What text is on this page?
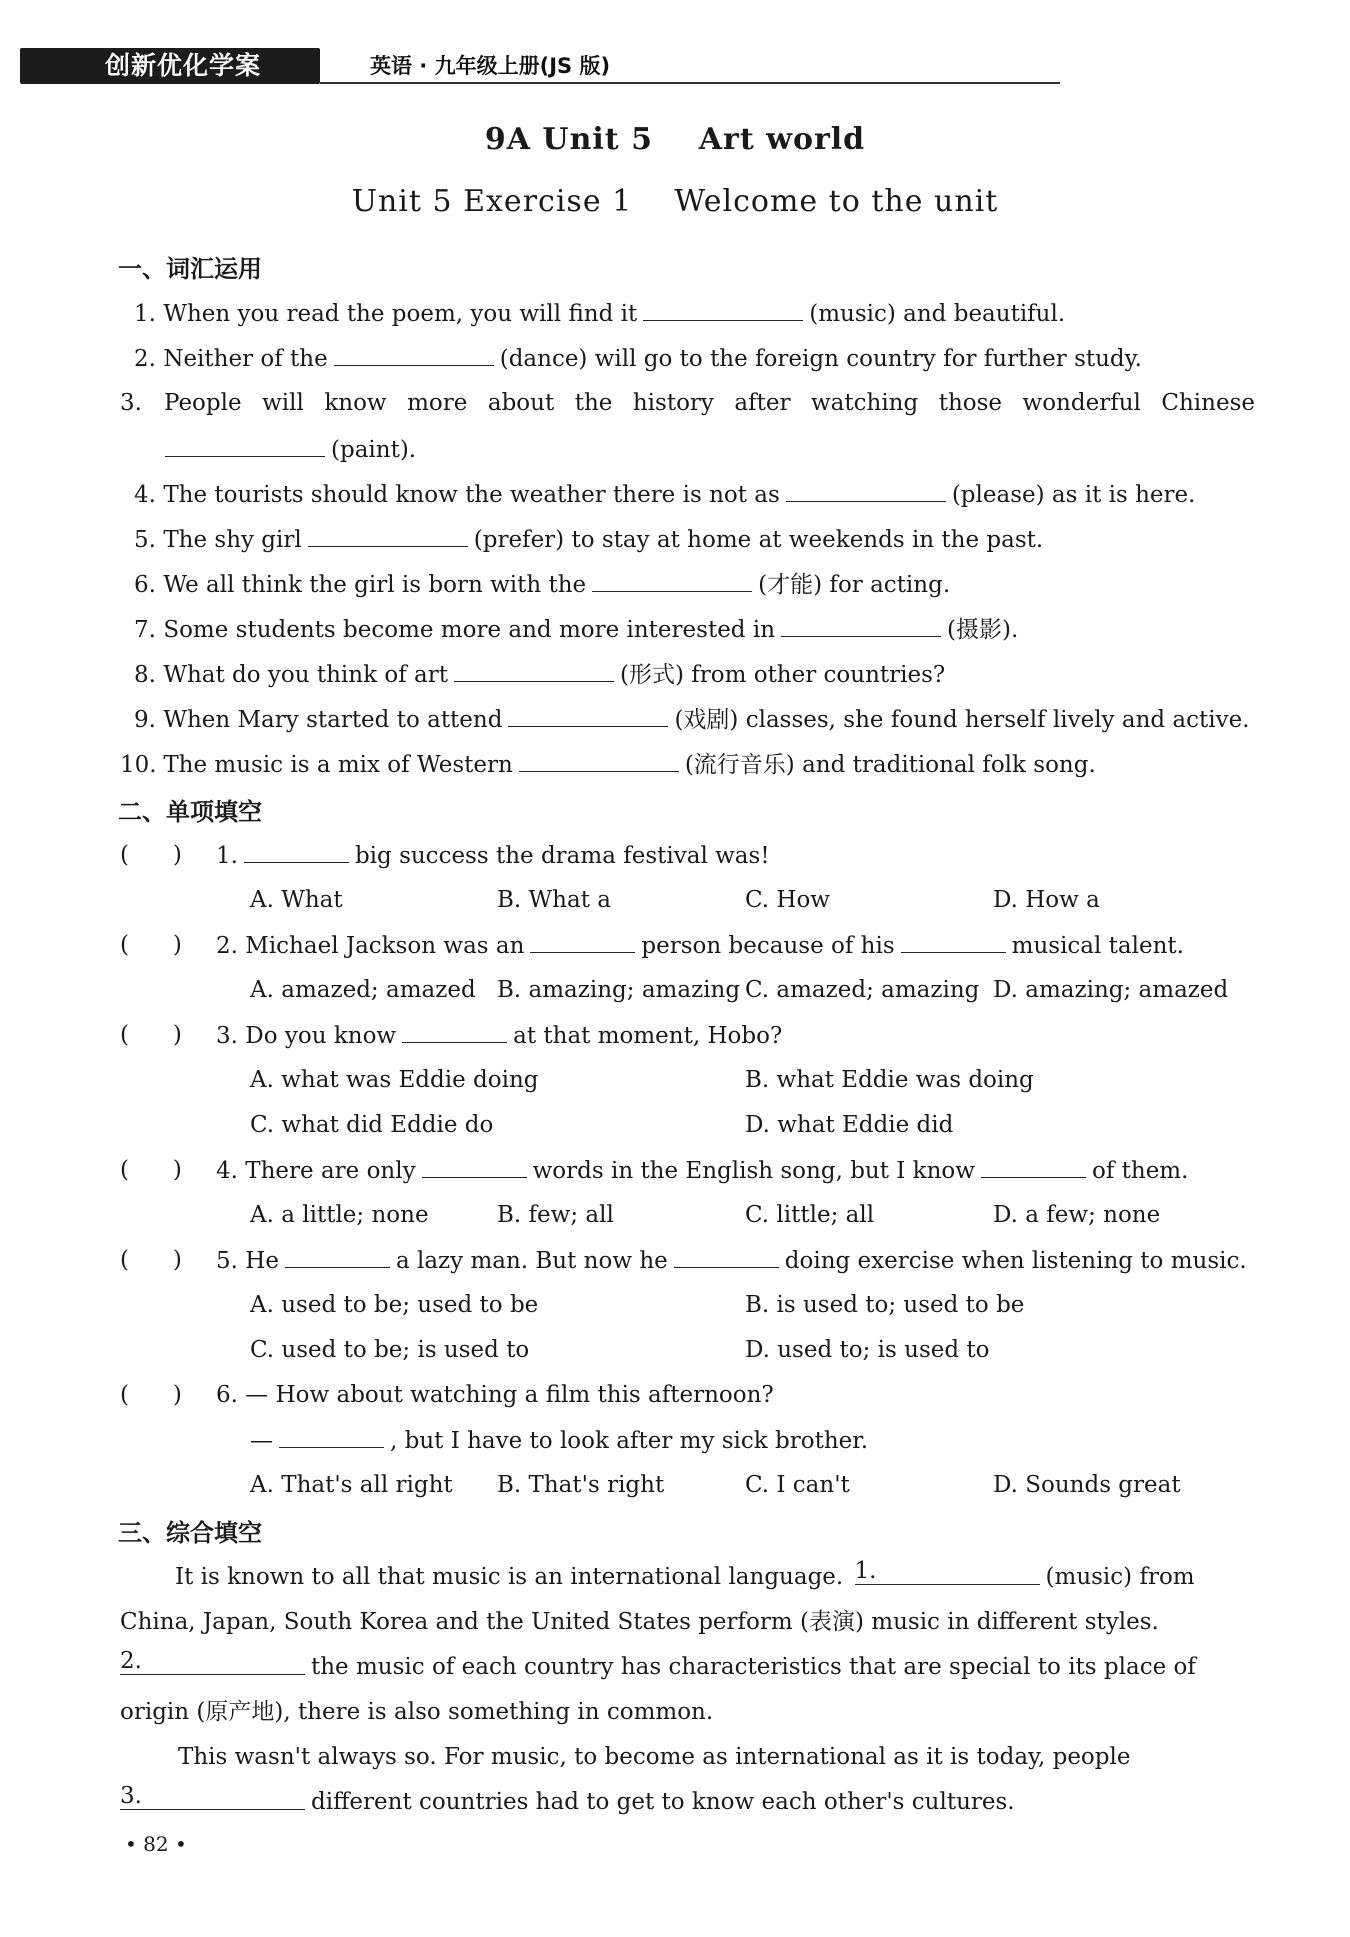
创新优化学案	英语 · 九年级上册(JS 版)
9A Unit 5    Art world
Unit 5 Exercise 1    Welcome to the unit
一、词汇运用
1. When you read the poem, you will find it	(music) and beautiful.
2. Neither of the	(dance) will go to the foreign country for further study.
3. People will know more about the history after watching those wonderful Chinese
(paint).
4. The tourists should know the weather there is not as	(please) as it is here.
5. The shy girl	(prefer) to stay at home at weekends in the past.
6. We all think the girl is born with the	(才能) for acting.
7. Some students become more and more interested in	(摄影).
8. What do you think of art	(形式) from other countries?
9. When Mary started to attend	(戏剧) classes, she found herself lively and active.
10. The music is a mix of Western	(流行音乐) and traditional folk song.
二、单项填空
(      ) 1.	big success the drama festival was!
A. What	B. What a	C. How	D. How a
(      ) 2. Michael Jackson was an	person because of his	musical talent.
A. amazed; amazed B. amazing; amazing C. amazed; amazing D. amazing; amazed
(      ) 3. Do you know	at that moment, Hobo?
A. what was Eddie doing	B. what Eddie was doing
C. what did Eddie do	D. what Eddie did
(      ) 4. There are only	words in the English song, but I know	of them.
A. a little; none	B. few; all	C. little; all	D. a few; none
(      ) 5. He	a lazy man. But now he	doing exercise when listening to music.
A. used to be; used to be	B. is used to; used to be
C. used to be; is used to	D. used to; is used to
(      ) 6. — How about watching a film this afternoon?
—	, but I have to look after my sick brother.
A. That's all right B. That's right	C. I can't	D. Sounds great
三、综合填空
It is known to all that music is an international language. 1.	(music) from
China, Japan, South Korea and the United States perform (表演) music in different styles.
2.	the music of each country has characteristics that are special to its place of
origin (原产地), there is also something in common.
This wasn't always so. For music, to become as international as it is today, people
3.	different countries had to get to know each other's cultures.
• 82 •
